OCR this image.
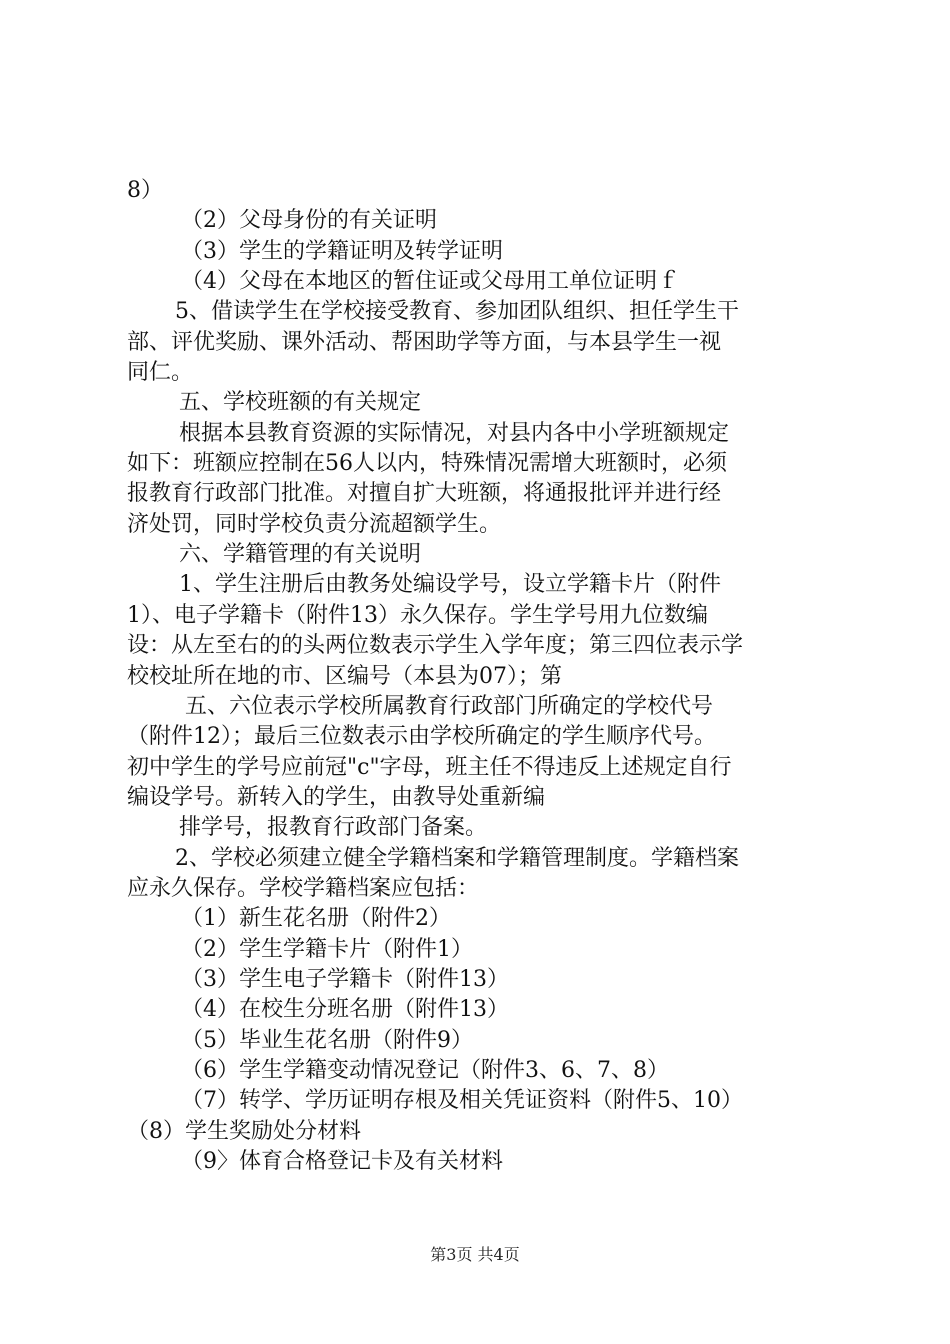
8）
（2）父母身份的有关证明
（3）学生的学籍证明及转学证明
（4）父母在本地区的暂住证或父母用工单位证明ｆ
5、借读学生在学校接受教育、参加团队组织、担任学生干
部、评优奖励、课外活动、帮困助学等方面，与本县学生一视
同仁。
五、学校班额的有关规定
根据本县教育资源的实际情况，对县内各中小学班额规定
如下：班额应控制在56人以内，特殊情况需增大班额时，必须
报教育行政部门批准。对擅自扩大班额，将通报批评并进行经
济处罚，同时学校负责分流超额学生。
六、学籍管理的有关说明
1、学生注册后由教务处编设学号，设立学籍卡片（附件
1）、电子学籍卡（附件13）永久保存。学生学号用九位数编
设：从左至右的的头两位数表示学生入学年度；第三四位表示学
校校址所在地的市、区编号（本县为07）；第
五、六位表示学校所属教育行政部门所确定的学校代号
（附件12）；最后三位数表示由学校所确定的学生顺序代号。
初中学生的学号应前冠"c"字母，班主任不得违反上述规定自行
编设学号。新转入的学生，由教导处重新编
排学号，报教育行政部门备案。
2、学校必须建立健全学籍档案和学籍管理制度。学籍档案
应永久保存。学校学籍档案应包括：
（1）新生花名册（附件2）
（2）学生学籍卡片（附件1）
（3）学生电子学籍卡（附件13）
（4）在校生分班名册（附件13）
（5）毕业生花名册（附件9）
（6）学生学籍变动情况登记（附件3、6、7、8）
（7）转学、学历证明存根及相关凭证资料（附件5、10）
（8）学生奖励处分材料
（9〉体育合格登记卡及有关材料
第3页 共4页
